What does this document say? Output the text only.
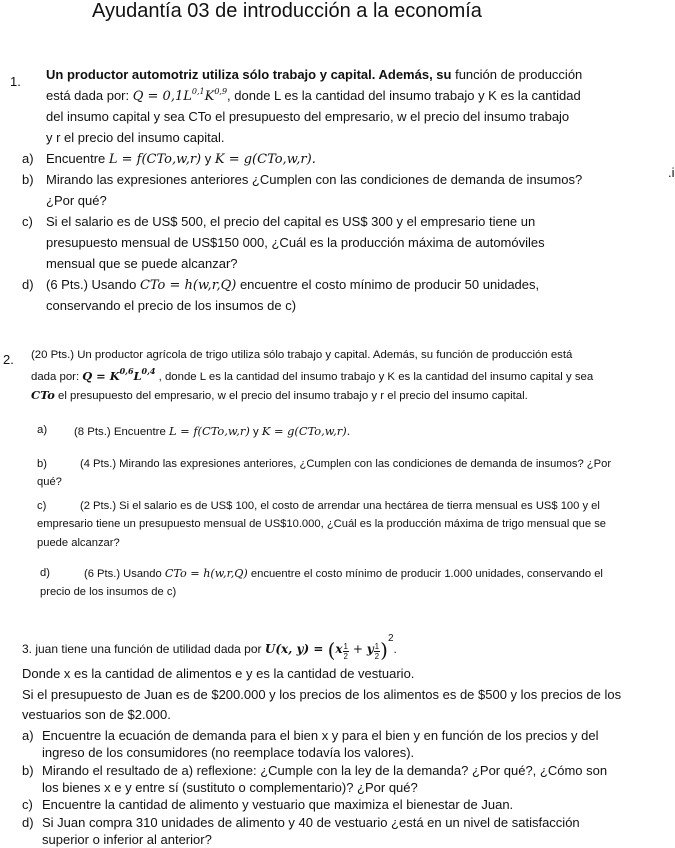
Ayudantía 03 de introducción a la economía
1. Un productor automotriz utiliza sólo trabajo y capital. Además, su función de producción
está dada por: $Q = 0,1L^{0,1}K^{0,9}$, donde L es la cantidad del insumo trabajo y K es la cantidad
del insumo capital y sea CTo el presupuesto del empresario, w el precio del insumo trabajo
y r el precio del insumo capital.
a) Encuentre L = f(CTo,w,r) y K = g(CTo,w,r).
b) Mirando las expresiones anteriores ¿Cumplen con las condiciones de demanda de insumos?
¿Por qué?
c) Si el salario es de US$ 500, el precio del capital es US$ 300 y el empresario tiene un
presupuesto mensual de US$150 000, ¿Cuál es la producción máxima de automóviles
mensual que se puede alcanzar?
d) (6 Pts.) Usando CTo = h(w,r,Q) encuentre el costo mínimo de producir 50 unidades,
conservando el precio de los insumos de c)
.i
2. (20 Pts.) Un productor agrícola de trigo utiliza sólo trabajo y capital. Además, su función de producción está
dada por: $Q = K^{0,6}L^{0,4}$ , donde L es la cantidad del insumo trabajo y K es la cantidad del insumo capital y sea
CTo el presupuesto del empresario, w el precio del insumo trabajo y r el precio del insumo capital.
a) (8 Pts.) Encuentre L = f(CTo,w,r) y K = g(CTo,w,r).
b)	(4 Pts.) Mirando las expresiones anteriores, ¿Cumplen con las condiciones de demanda de insumos? ¿Por
qué?
c)	(2 Pts.) Si el salario es de US$ 100, el costo de arrendar una hectárea de tierra mensual es US$ 100 y el
empresario tiene un presupuesto mensual de US$10.000, ¿Cuál es la producción máxima de trigo mensual que se
puede alcanzar?
d)	(6 Pts.) Usando CTo = h(w,r,Q) encuentre el costo mínimo de producir 1.000 unidades, conservando el
precio de los insumos de c)
3. juan tiene una función de utilidad dada por U(x, $y) = (x \frac{1}{2} + y \frac{1}{2} )^2$.
Donde x es la cantidad de alimentos e y es la cantidad de vestuario.
Si el presupuesto de Juan es de $200.000 y los precios de los alimentos es de $500 y los precios de los
vestuarios son de $2.000.
a) Encuentre la ecuación de demanda para el bien x y para el bien y en función de los precios y del
ingreso de los consumidores (no reemplace todavía los valores).
b) Mirando el resultado de a) reflexione: ¿Cumple con la ley de la demanda? ¿Por qué?, ¿Cómo son
los bienes x e y entre sí (sustituto o complementario)? ¿Por qué?
c) Encuentre la cantidad de alimento y vestuario que maximiza el bienestar de Juan.
d) Si Juan compra 310 unidades de alimento y 40 de vestuario ¿está en un nivel de satisfacción
superior o inferior al anterior?
